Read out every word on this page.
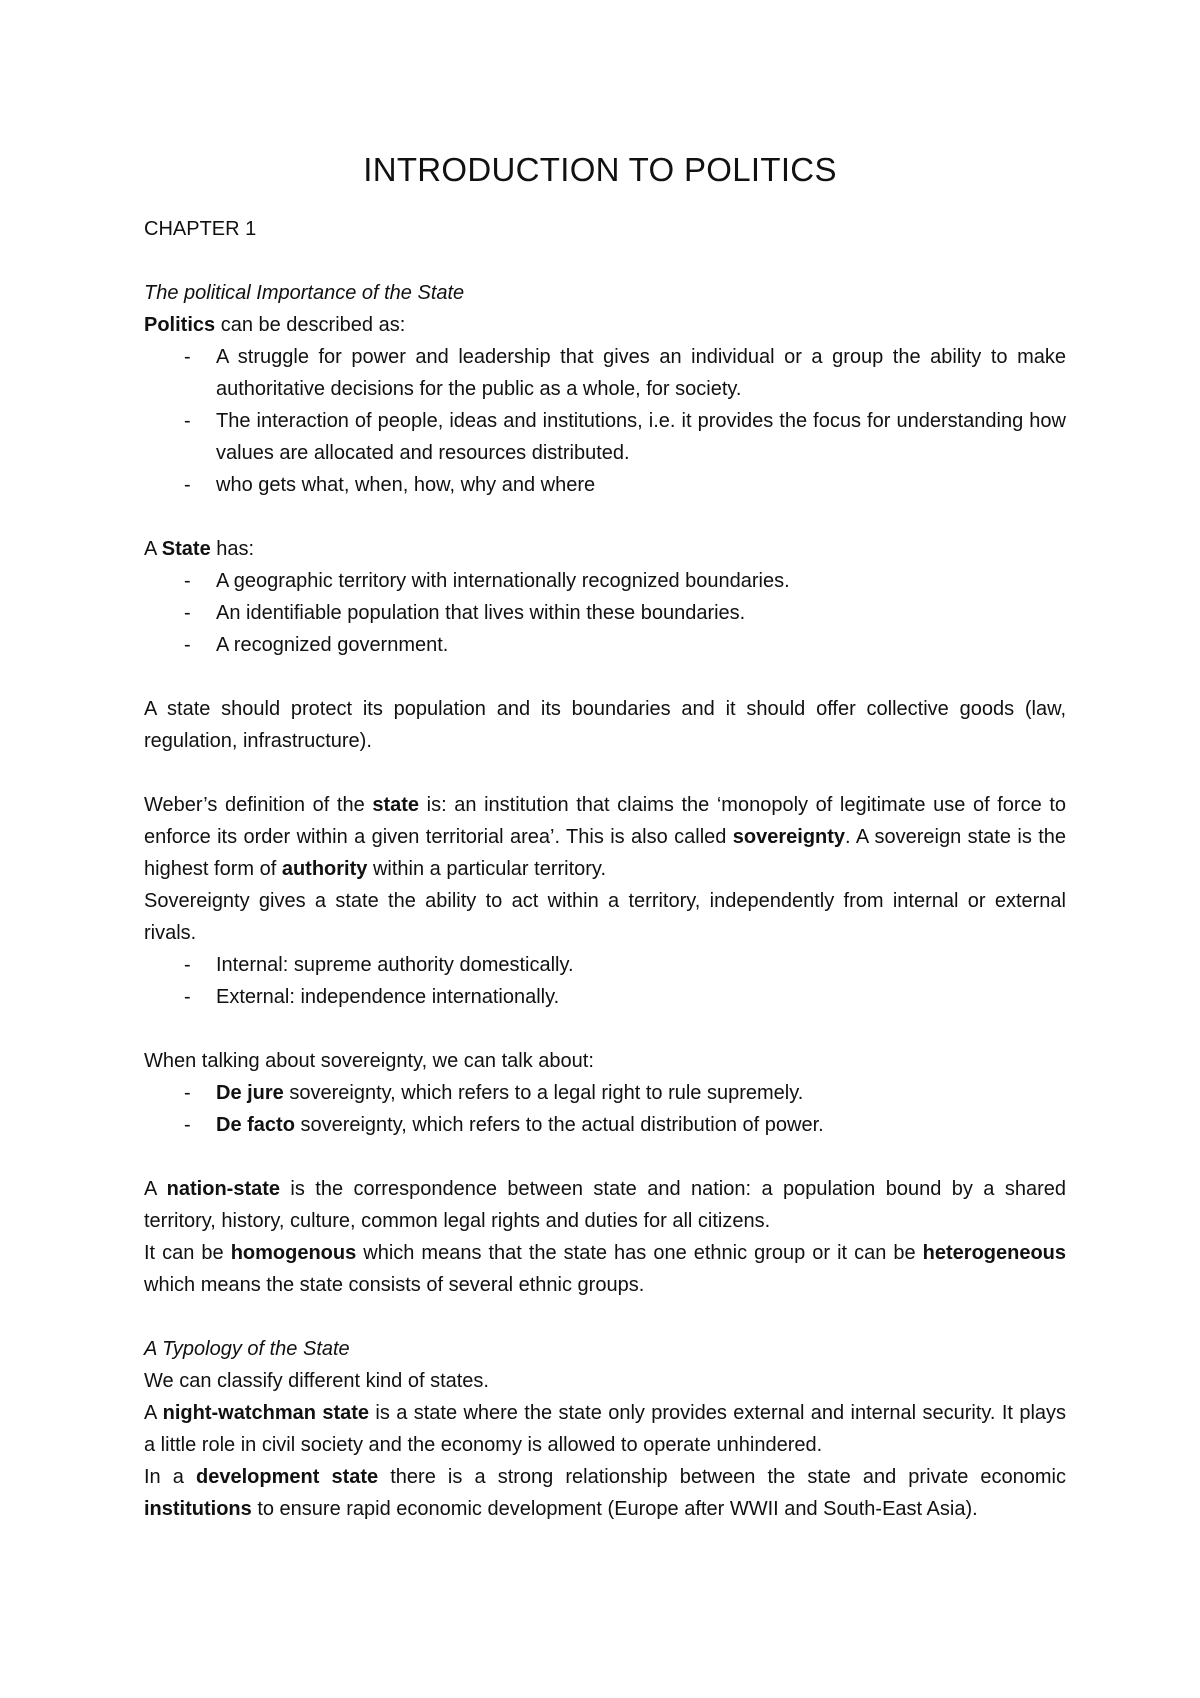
INTRODUCTION TO POLITICS

CHAPTER 1

The political Importance of the State

Politics can be described as:

- A struggle for power and leadership that gives an individual or a group the ability to make authoritative decisions for the public as a whole, for society.
- The interaction of people, ideas and institutions, i.e. it provides the focus for understanding how values are allocated and resources distributed.
- who gets what, when, how, why and where

A State has:

- A geographic territory with internationally recognized boundaries.
- An identifiable population that lives within these boundaries.
- A recognized government.

A state should protect its population and its boundaries and it should offer collective goods (law, regulation, infrastructure).

Weber’s definition of the state is: an institution that claims the ‘monopoly of legitimate use of force to enforce its order within a given territorial area’. This is also called sovereignty. A sovereign state is the highest form of authority within a particular territory.

Sovereignty gives a state the ability to act within a territory, independently from internal or external rivals.

- Internal: supreme authority domestically.
- External: independence internationally.

When talking about sovereignty, we can talk about:

- De jure sovereignty, which refers to a legal right to rule supremely.
- De facto sovereignty, which refers to the actual distribution of power.

A nation-state is the correspondence between state and nation: a population bound by a shared territory, history, culture, common legal rights and duties for all citizens.

It can be homogenous which means that the state has one ethnic group or it can be heterogeneous which means the state consists of several ethnic groups.

A Typology of the State

We can classify different kind of states.

A night-watchman state is a state where the state only provides external and internal security. It plays a little role in civil society and the economy is allowed to operate unhindered.

In a development state there is a strong relationship between the state and private economic institutions to ensure rapid economic development (Europe after WWII and South-East Asia).
